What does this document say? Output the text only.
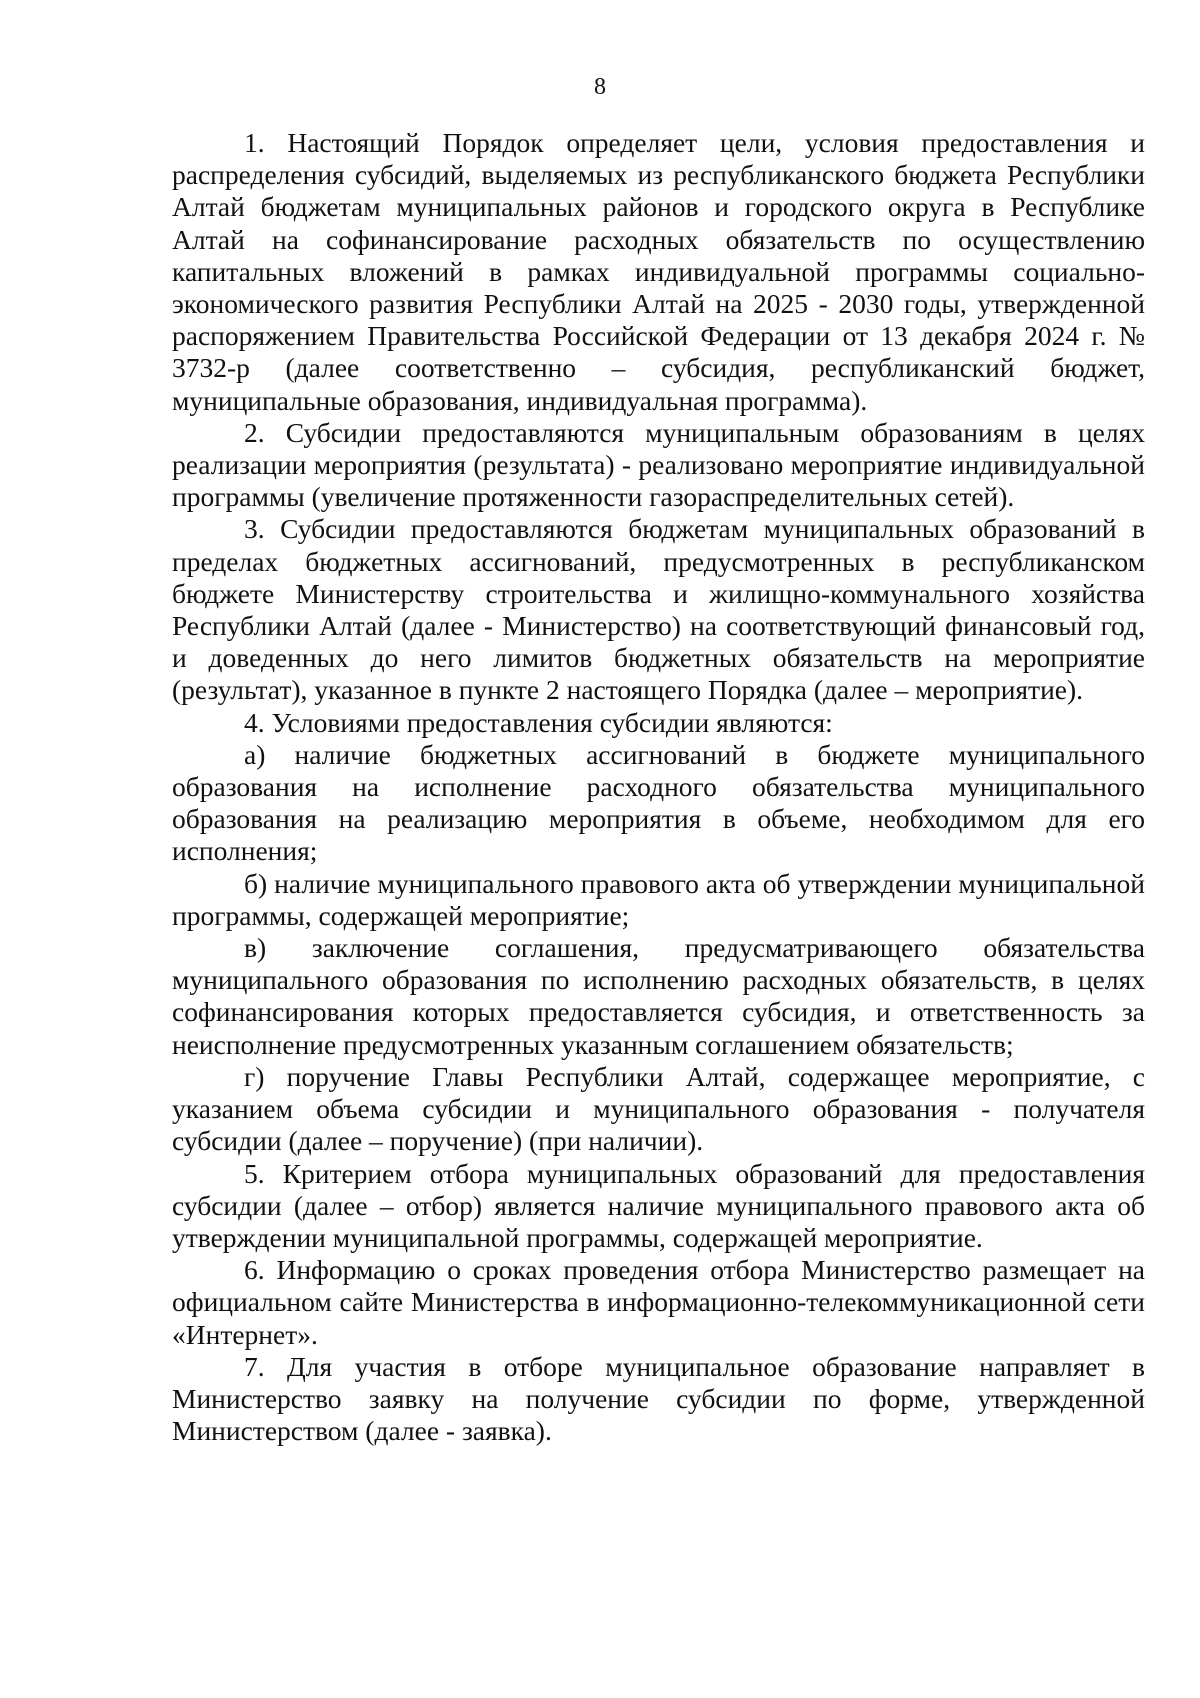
8

1. Настоящий Порядок определяет цели, условия предоставления и распределения субсидий, выделяемых из республиканского бюджета Республики Алтай бюджетам муниципальных районов и городского округа в Республике Алтай на софинансирование расходных обязательств по осуществлению капитальных вложений в рамках индивидуальной программы социально-экономического развития Республики Алтай на 2025 - 2030 годы, утвержденной распоряжением Правительства Российской Федерации от 13 декабря 2024 г. № 3732-р (далее соответственно – субсидия, республиканский бюджет, муниципальные образования, индивидуальная программа).

2. Субсидии предоставляются муниципальным образованиям в целях реализации мероприятия (результата) - реализовано мероприятие индивидуальной программы (увеличение протяженности газораспределительных сетей).

3. Субсидии предоставляются бюджетам муниципальных образований в пределах бюджетных ассигнований, предусмотренных в республиканском бюджете Министерству строительства и жилищно-коммунального хозяйства Республики Алтай (далее - Министерство) на соответствующий финансовый год, и доведенных до него лимитов бюджетных обязательств на мероприятие (результат), указанное в пункте 2 настоящего Порядка (далее – мероприятие).

4. Условиями предоставления субсидии являются:

а) наличие бюджетных ассигнований в бюджете муниципального образования на исполнение расходного обязательства муниципального образования на реализацию мероприятия в объеме, необходимом для его исполнения;

б) наличие муниципального правового акта об утверждении муниципальной программы, содержащей мероприятие;

в) заключение соглашения, предусматривающего обязательства муниципального образования по исполнению расходных обязательств, в целях софинансирования которых предоставляется субсидия, и ответственность за неисполнение предусмотренных указанным соглашением обязательств;

г) поручение Главы Республики Алтай, содержащее мероприятие, с указанием объема субсидии и муниципального образования - получателя субсидии (далее – поручение) (при наличии).

5. Критерием отбора муниципальных образований для предоставления субсидии (далее – отбор) является наличие муниципального правового акта об утверждении муниципальной программы, содержащей мероприятие.

6. Информацию о сроках проведения отбора Министерство размещает на официальном сайте Министерства в информационно-телекоммуникационной сети «Интернет».

7. Для участия в отборе муниципальное образование направляет в Министерство заявку на получение субсидии по форме, утвержденной Министерством (далее - заявка).
